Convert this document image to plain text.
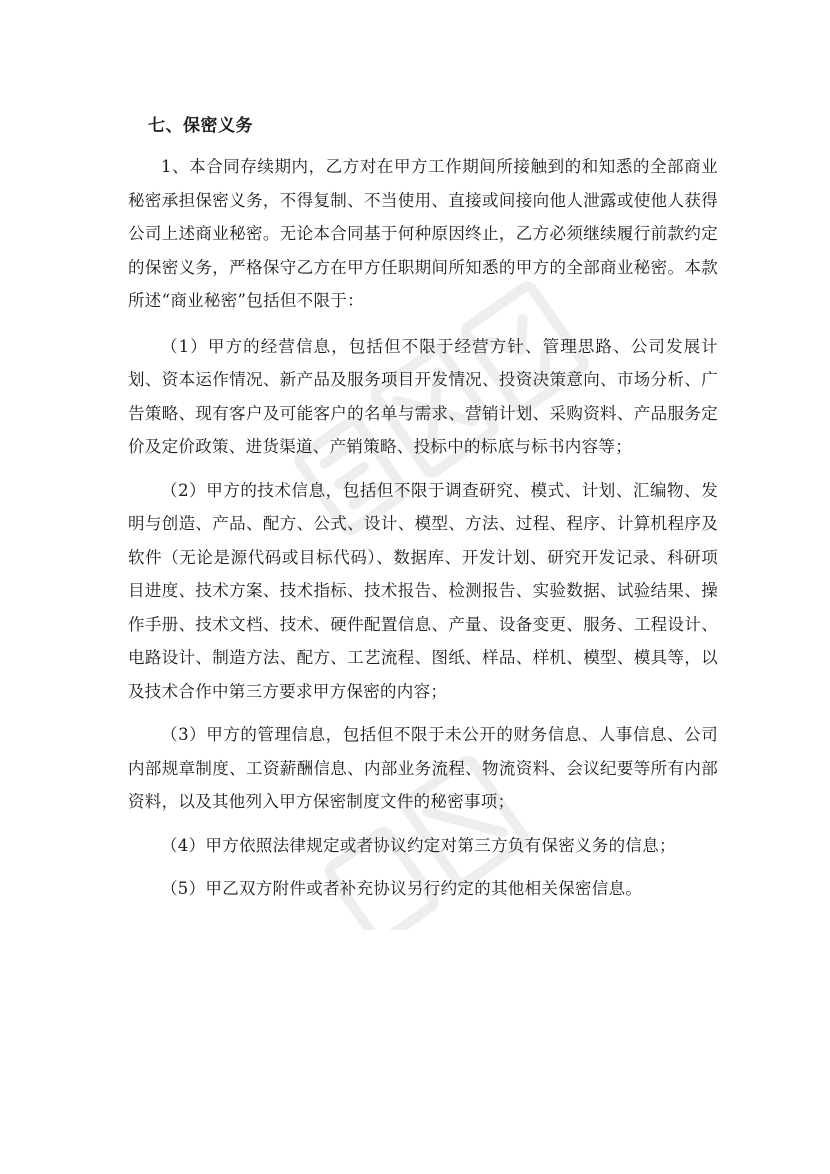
七、保密义务

1、本合同存续期内，乙方对在甲方工作期间所接触到的和知悉的全部商业秘密承担保密义务，不得复制、不当使用、直接或间接向他人泄露或使他人获得公司上述商业秘密。无论本合同基于何种原因终止，乙方必须继续履行前款约定的保密义务，严格保守乙方在甲方任职期间所知悉的甲方的全部商业秘密。本款所述“商业秘密”包括但不限于：

（1）甲方的经营信息，包括但不限于经营方针、管理思路、公司发展计划、资本运作情况、新产品及服务项目开发情况、投资决策意向、市场分析、广告策略、现有客户及可能客户的名单与需求、营销计划、采购资料、产品服务定价及定价政策、进货渠道、产销策略、投标中的标底与标书内容等；

（2）甲方的技术信息，包括但不限于调查研究、模式、计划、汇编物、发明与创造、产品、配方、公式、设计、模型、方法、过程、程序、计算机程序及软件（无论是源代码或目标代码）、数据库、开发计划、研究开发记录、科研项目进度、技术方案、技术指标、技术报告、检测报告、实验数据、试验结果、操作手册、技术文档、技术、硬件配置信息、产量、设备变更、服务、工程设计、电路设计、制造方法、配方、工艺流程、图纸、样品、样机、模型、模具等，以及技术合作中第三方要求甲方保密的内容；

（3）甲方的管理信息，包括但不限于未公开的财务信息、人事信息、公司内部规章制度、工资薪酬信息、内部业务流程、物流资料、会议纪要等所有内部资料，以及其他列入甲方保密制度文件的秘密事项；

（4）甲方依照法律规定或者协议约定对第三方负有保密义务的信息；

（5）甲乙双方附件或者补充协议另行约定的其他相关保密信息。
